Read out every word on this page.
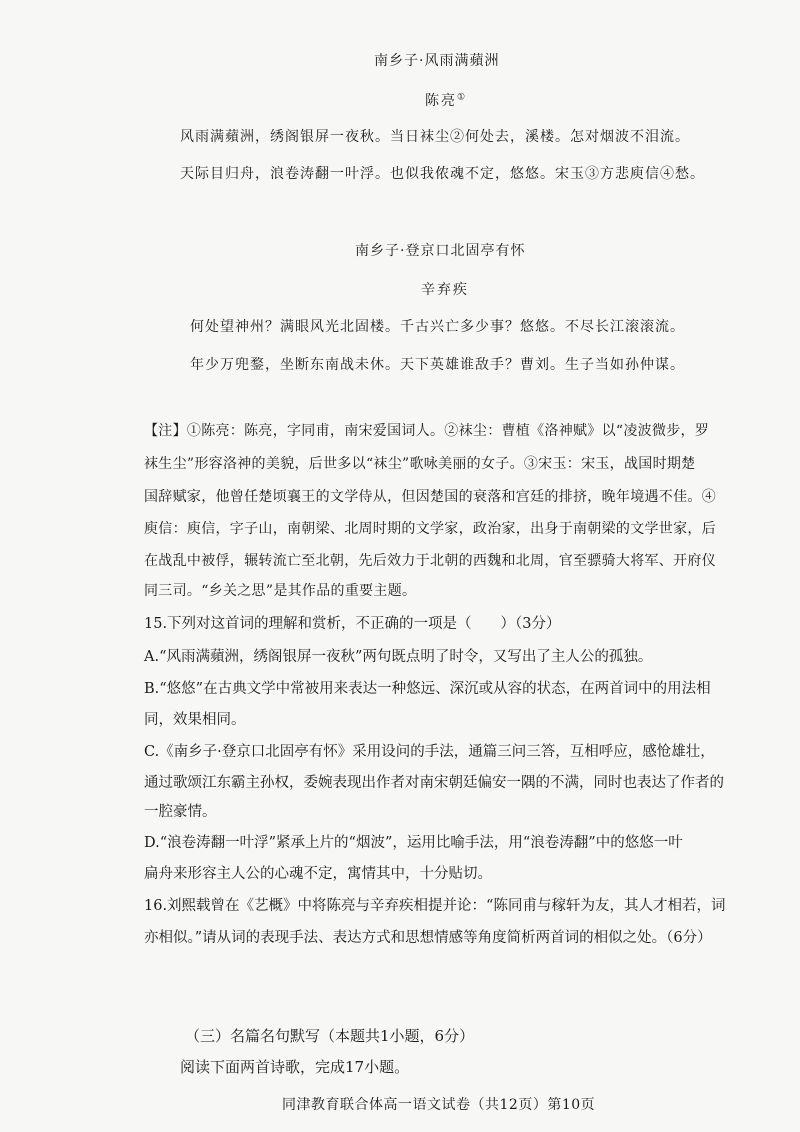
南乡子·风雨满蘋洲
陈亮①
风雨满蘋洲，绣阁银屏一夜秋。当日袜尘②何处去，溪楼。怎对烟波不泪流。
天际目归舟，浪卷涛翻一叶浮。也似我侬魂不定，悠悠。宋玉③方悲庾信④愁。
南乡子·登京口北固亭有怀
辛弃疾
何处望神州？满眼风光北固楼。千古兴亡多少事？悠悠。不尽长江滚滚流。
年少万兜鍪，坐断东南战未休。天下英雄谁敌手？曹刘。生子当如孙仲谋。
【注】①陈亮：陈亮，字同甫，南宋爱国词人。②袜尘：曹植《洛神赋》以“凌波微步，罗
袜生尘”形容洛神的美貌，后世多以“袜尘”歌咏美丽的女子。③宋玉：宋玉，战国时期楚
国辞赋家，他曾任楚顷襄王的文学侍从，但因楚国的衰落和宫廷的排挤，晚年境遇不佳。④
庾信：庾信，字子山，南朝梁、北周时期的文学家，政治家，出身于南朝梁的文学世家，后
在战乱中被俘，辗转流亡至北朝，先后效力于北朝的西魏和北周，官至骠骑大将军、开府仪
同三司。“乡关之思”是其作品的重要主题。
15.下列对这首词的理解和赏析，不正确的一项是（　　）（3分）
A.“风雨满蘋洲，绣阁银屏一夜秋”两句既点明了时令，又写出了主人公的孤独。
B.“悠悠”在古典文学中常被用来表达一种悠远、深沉或从容的状态，在两首词中的用法相
同，效果相同。
C.《南乡子·登京口北固亭有怀》采用设问的手法，通篇三问三答，互相呼应，感怆雄壮，
通过歌颂江东霸主孙权，委婉表现出作者对南宋朝廷偏安一隅的不满，同时也表达了作者的
一腔豪情。
D.“浪卷涛翻一叶浮”紧承上片的“烟波”，运用比喻手法，用“浪卷涛翻”中的悠悠一叶
扁舟来形容主人公的心魂不定，寓情其中，十分贴切。
16.刘熙载曾在《艺概》中将陈亮与辛弃疾相提并论：“陈同甫与稼轩为友，其人才相若，词
亦相似。”请从词的表现手法、表达方式和思想情感等角度简析两首词的相似之处。（6分）
（三）名篇名句默写（本题共1小题，6分）
阅读下面两首诗歌，完成17小题。
同津教育联合体高一语文试卷（共12页）第10页
